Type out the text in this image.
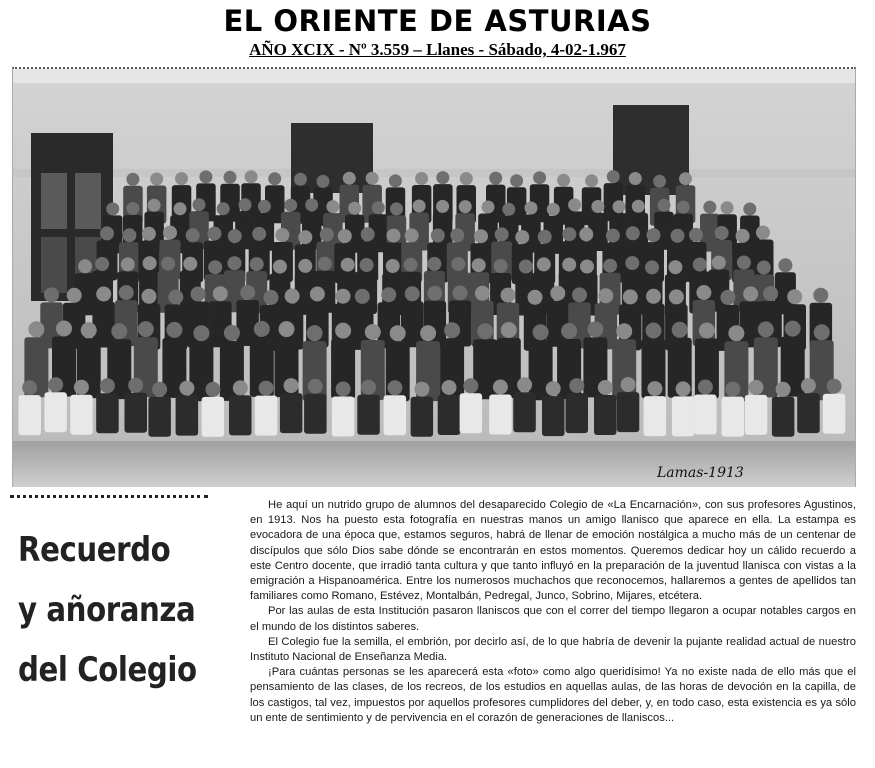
EL ORIENTE DE ASTURIAS
AÑO XCIX - Nº 3.559 – Llanes - Sábado, 4-02-1.967
Lamas-1913
Recuerdo
y añoranza
del Colegio

He aquí un nutrido grupo de alumnos del desaparecido Colegio de «La Encarnación», con sus profesores Agustinos, en 1913. Nos ha puesto esta fotografía en nuestras manos un amigo llanisco que aparece en ella. La estampa es evocadora de una época que, estamos seguros, habrá de llenar de emoción nostálgica a mucho más de un centenar de discípulos que sólo Dios sabe dónde se encontrarán en estos momentos. Queremos dedicar hoy un cálido recuerdo a este Centro docente, que irradió tanta cultura y que tanto influyó en la preparación de la juventud llanisca con vistas a la emigración a Hispanoamérica. Entre los numerosos muchachos que reconocemos, hallaremos a gentes de apellidos tan familiares como Romano, Estévez, Montalbán, Pedregal, Junco, Sobrino, Mijares, etcétera.

Por las aulas de esta Institución pasaron llaniscos que con el correr del tiempo llegaron a ocupar notables cargos en el mundo de los distintos saberes.

El Colegio fue la semilla, el embrión, por decirlo así, de lo que habría de devenir la pujante realidad actual de nuestro Instituto Nacional de Enseñanza Media.

¡Para cuántas personas se les aparecerá esta «foto» como algo queridísimo! Ya no existe nada de ello más que el pensamiento de las clases, de los recreos, de los estudios en aquellas aulas, de las horas de devoción en la capilla, de los castigos, tal vez, impuestos por aquellos profesores cumplidores del deber, y, en todo caso, esta existencia es ya sólo un ente de sentimiento y de pervivencia en el corazón de generaciones de llaniscos...
